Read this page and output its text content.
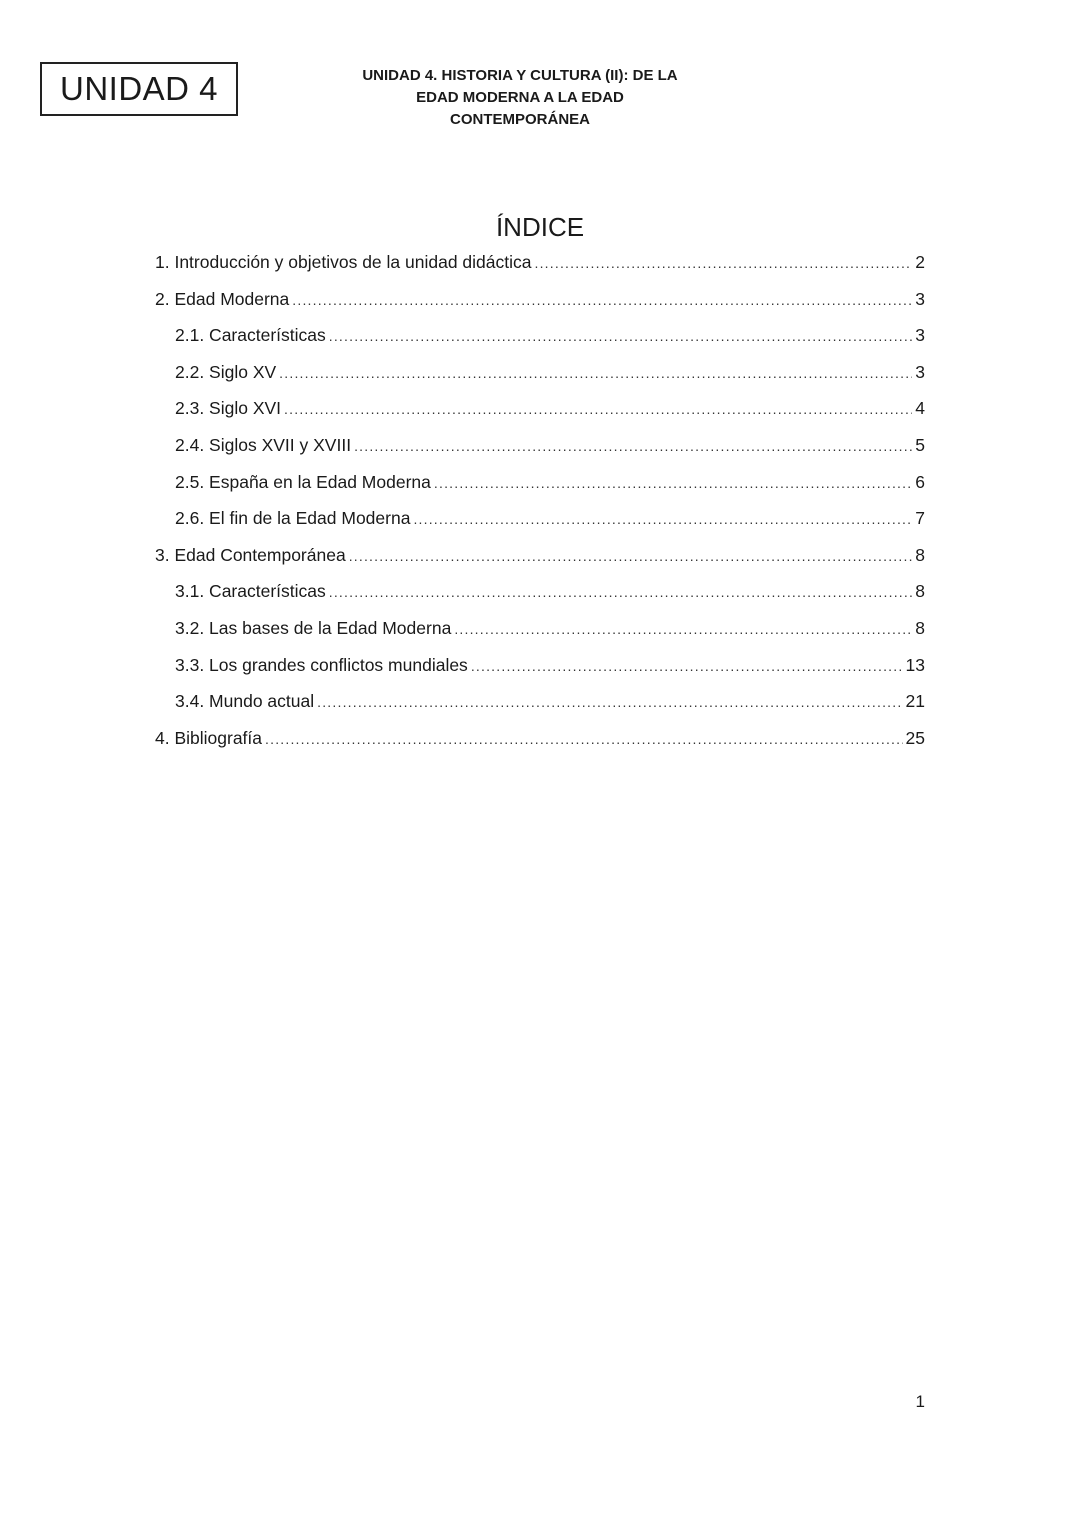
UNIDAD 4	UNIDAD 4. HISTORIA Y CULTURA (II): DE LA
EDAD MODERNA A LA EDAD
CONTEMPORÁNEA
ÍNDICE
1. Introducción y objetivos de la unidad didáctica .....	2
2. Edad Moderna .....	3
2.1. Características .....	3
2.2. Siglo XV .....	3
2.3. Siglo XVI .....	4
2.4. Siglos XVII y XVIII .....	5
2.5. España en la Edad Moderna .....	6
2.6. El fin de la Edad Moderna .....	7
3. Edad Contemporánea .....	8
3.1. Características .....	8
3.2. Las bases de la Edad Moderna .....	8
3.3. Los grandes conflictos mundiales .....	13
3.4. Mundo actual .....	21
4. Bibliografía .....	25
1
